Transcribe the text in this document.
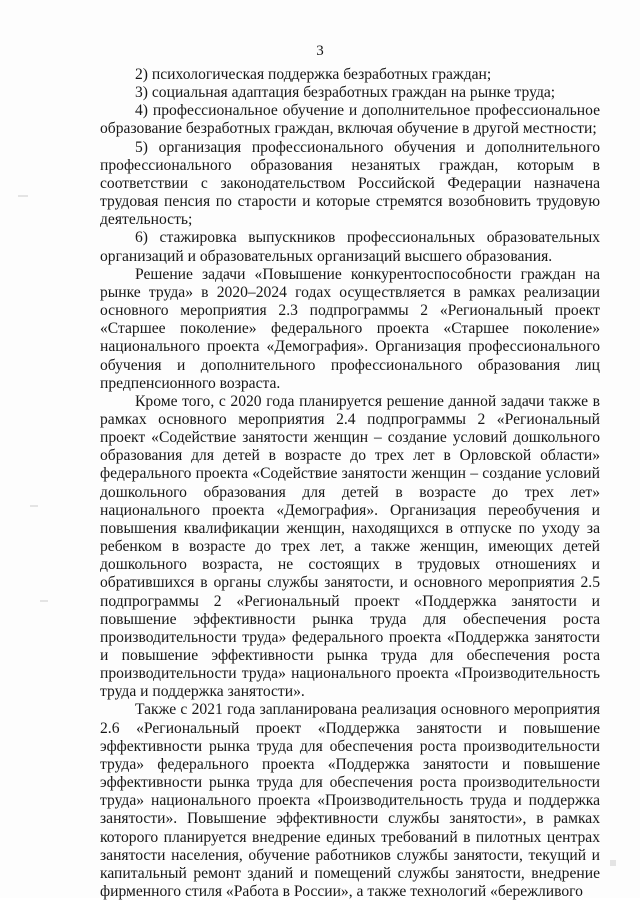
3

2) психологическая поддержка безработных граждан;

3) социальная адаптация безработных граждан на рынке труда;

4) профессиональное обучение и дополнительное профессиональное образование безработных граждан, включая обучение в другой местности;

5) организация профессионального обучения и дополнительного профессионального образования незанятых граждан, которым в соответствии с законодательством Российской Федерации назначена трудовая пенсия по старости и которые стремятся возобновить трудовую деятельность;

6) стажировка выпускников профессиональных образовательных организаций и образовательных организаций высшего образования.

Решение задачи «Повышение конкурентоспособности граждан на рынке труда» в 2020–2024 годах осуществляется в рамках реализации основного мероприятия 2.3 подпрограммы 2 «Региональный проект «Старшее поколение» федерального проекта «Старшее поколение» национального проекта «Демография». Организация профессионального обучения и дополнительного профессионального образования лиц предпенсионного возраста.

Кроме того, с 2020 года планируется решение данной задачи также в рамках основного мероприятия 2.4 подпрограммы 2 «Региональный проект «Содействие занятости женщин – создание условий дошкольного образования для детей в возрасте до трех лет в Орловской области» федерального проекта «Содействие занятости женщин – создание условий дошкольного образования для детей в возрасте до трех лет» национального проекта «Демография». Организация переобучения и повышения квалификации женщин, находящихся в отпуске по уходу за ребенком в возрасте до трех лет, а также женщин, имеющих детей дошкольного возраста, не состоящих в трудовых отношениях и обратившихся в органы службы занятости, и основного мероприятия 2.5 подпрограммы 2 «Региональный проект «Поддержка занятости и повышение эффективности рынка труда для обеспечения роста производительности труда» федерального проекта «Поддержка занятости и повышение эффективности рынка труда для обеспечения роста производительности труда» национального проекта «Производительность труда и поддержка занятости».

Также с 2021 года запланирована реализация основного мероприятия 2.6 «Региональный проект «Поддержка занятости и повышение эффективности рынка труда для обеспечения роста производительности труда» федерального проекта «Поддержка занятости и повышение эффективности рынка труда для обеспечения роста производительности труда» национального проекта «Производительность труда и поддержка занятости». Повышение эффективности службы занятости», в рамках которого планируется внедрение единых требований в пилотных центрах занятости населения, обучение работников службы занятости, текущий и капитальный ремонт зданий и помещений службы занятости, внедрение фирменного стиля «Работа в России», а также технологий «бережливого
